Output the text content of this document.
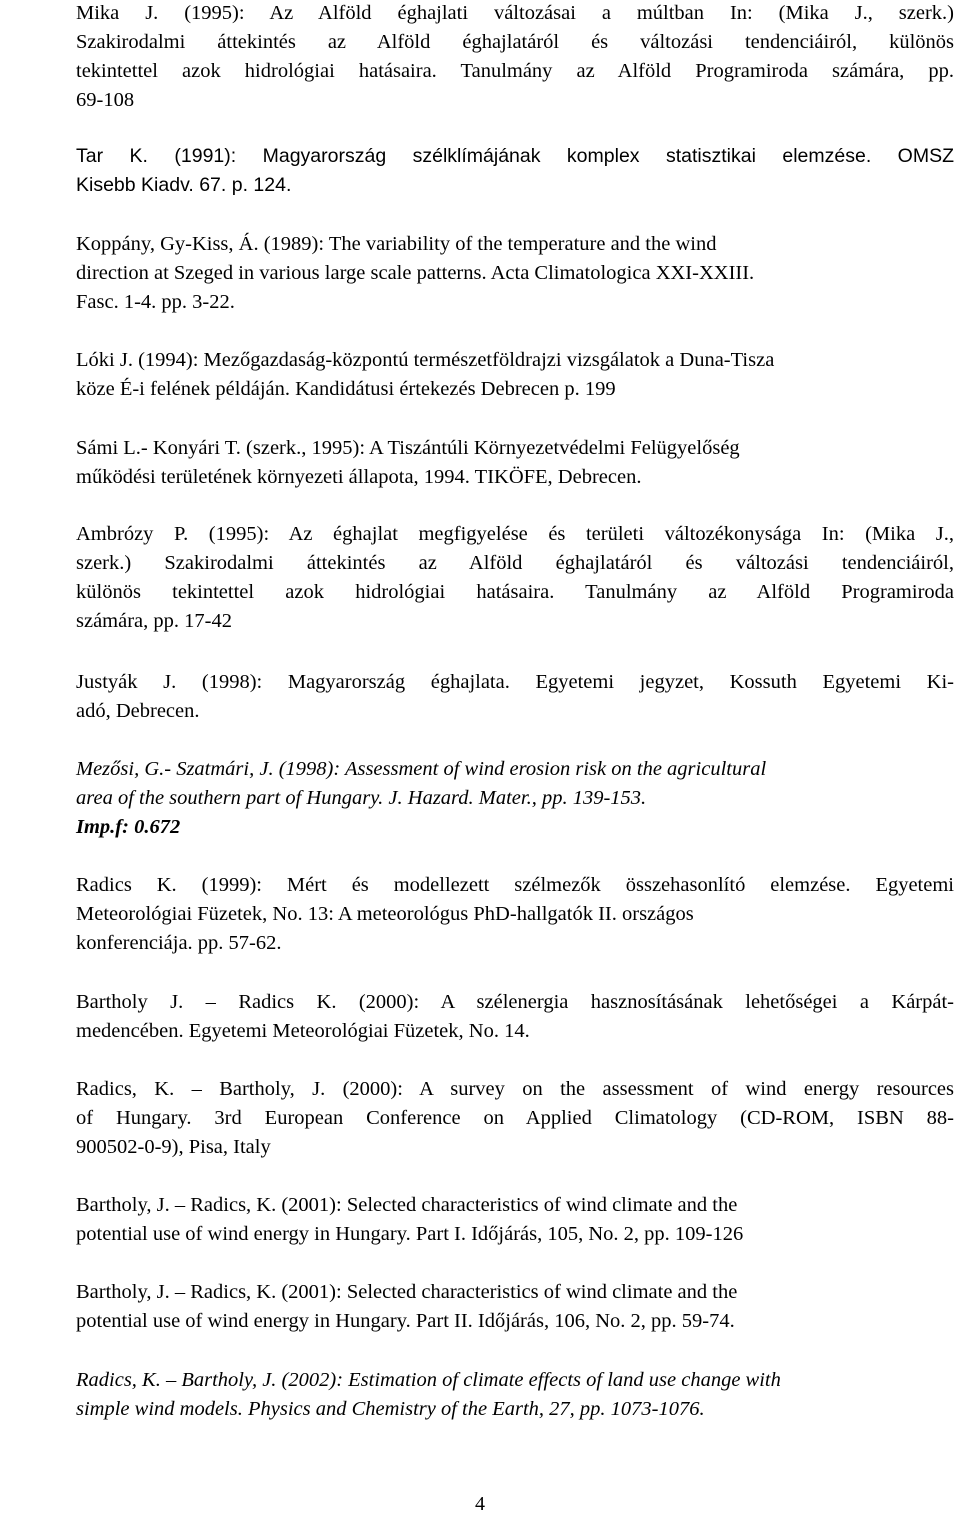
Mika J. (1995): Az Alföld éghajlati változásai a múltban In: (Mika J., szerk.)
Szakirodalmi áttekintés az Alföld éghajlatáról és változási tendenciáiról, különös
tekintettel azok hidrológiai hatásaira. Tanulmány az Alföld Programiroda számára, pp.
69-108
Tar K. (1991): Magyarország szélklímájának komplex statisztikai elemzése. OMSZ
Kisebb Kiadv. 67. p. 124.
Koppány, Gy-Kiss, Á. (1989): The variability of the temperature and the wind
direction at Szeged in various large scale patterns. Acta Climatologica XXI-XXIII.
Fasc. 1-4. pp. 3-22.
Lóki J. (1994): Mezőgazdaság-központú természetföldrajzi vizsgálatok a Duna-Tisza
köze É-i felének példáján. Kandidátusi értekezés Debrecen p. 199
Sámi L.- Konyári T. (szerk., 1995): A Tiszántúli Környezetvédelmi Felügyelőség
működési területének környezeti állapota, 1994. TIKÖFE, Debrecen.
Ambrózy P. (1995): Az éghajlat megfigyelése és területi változékonysága In: (Mika J.,
szerk.) Szakirodalmi áttekintés az Alföld éghajlatáról és változási tendenciáiról,
különös tekintettel azok hidrológiai hatásaira. Tanulmány az Alföld Programiroda
számára, pp. 17-42
Justyák J. (1998): Magyarország éghajlata. Egyetemi jegyzet, Kossuth Egyetemi Ki-
adó, Debrecen.
Mezősi, G.- Szatmári, J. (1998): Assessment of wind erosion risk on the agricultural
area of the southern part of Hungary. J. Hazard. Mater., pp. 139-153.
Imp.f: 0.672
Radics K. (1999): Mért és modellezett szélmezők összehasonlító elemzése. Egyetemi
Meteorológiai Füzetek, No. 13: A meteorológus PhD-hallgatók II. országos
konferenciája. pp. 57-62.
Bartholy J. – Radics K. (2000): A szélenergia hasznosításának lehetőségei a Kárpát-
medencében. Egyetemi Meteorológiai Füzetek, No. 14.
Radics, K. – Bartholy, J. (2000): A survey on the assessment of wind energy resources
of Hungary. 3rd European Conference on Applied Climatology (CD-ROM, ISBN 88-
900502-0-9), Pisa, Italy
Bartholy, J. – Radics, K. (2001): Selected characteristics of wind climate and the
potential use of wind energy in Hungary. Part I. Időjárás, 105, No. 2, pp. 109-126
Bartholy, J. – Radics, K. (2001): Selected characteristics of wind climate and the
potential use of wind energy in Hungary. Part II. Időjárás, 106, No. 2, pp. 59-74.
Radics, K. – Bartholy, J. (2002): Estimation of climate effects of land use change with
simple wind models. Physics and Chemistry of the Earth, 27, pp. 1073-1076.
4
